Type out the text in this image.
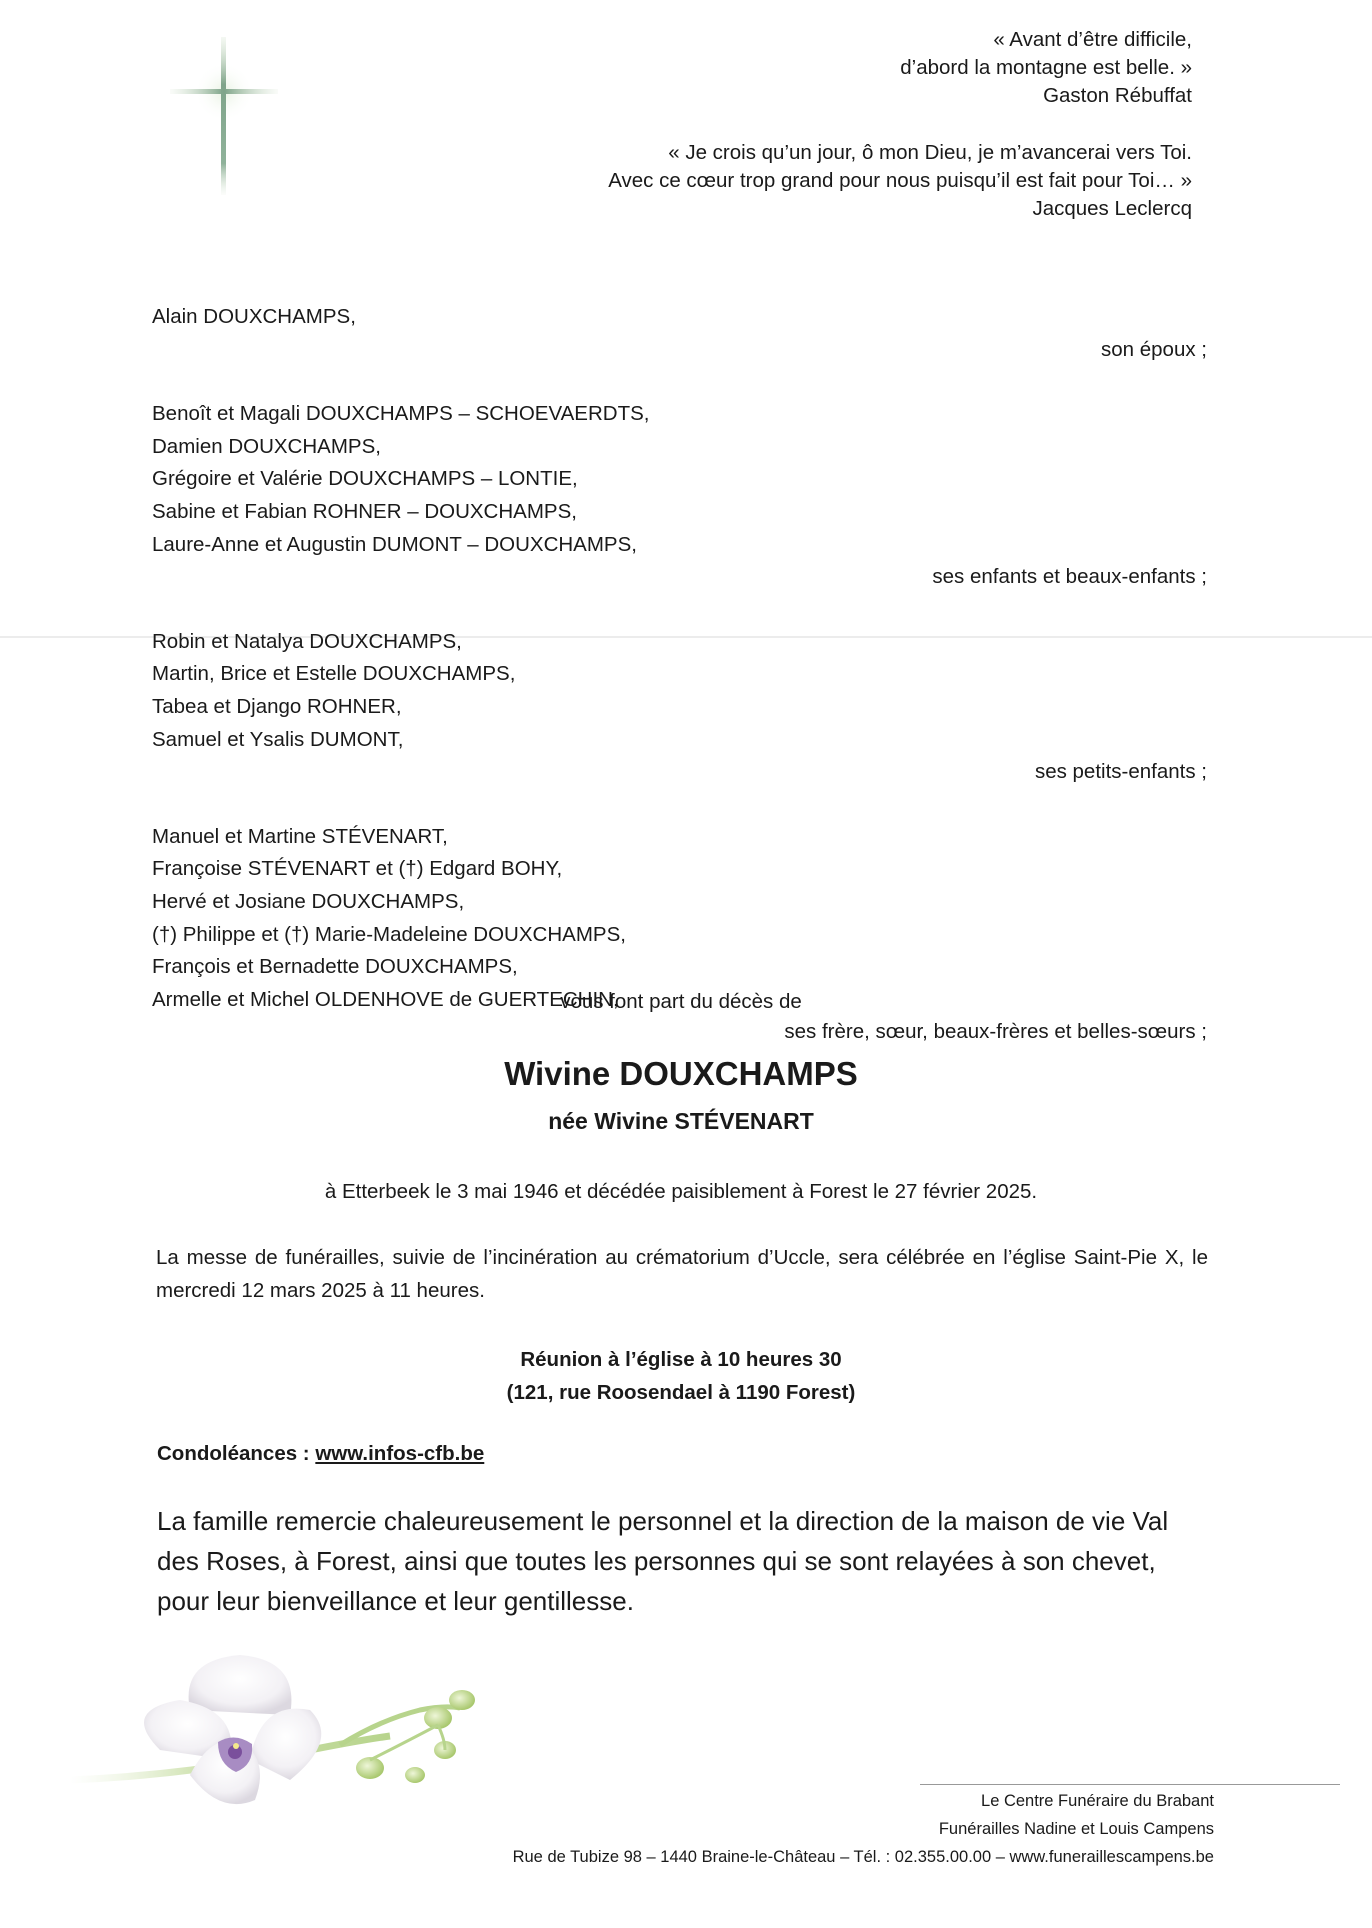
« Avant d’être difficile,
d’abord la montagne est belle. »
Gaston Rébuffat
« Je crois qu’un jour, ô mon Dieu, je m’avancerai vers Toi.
Avec ce cœur trop grand pour nous puisqu’il est fait pour Toi… »
Jacques Leclercq
Alain DOUXCHAMPS,
son époux ;
Benoît et Magali DOUXCHAMPS – SCHOEVAERDTS,
Damien DOUXCHAMPS,
Grégoire et Valérie DOUXCHAMPS – LONTIE,
Sabine et Fabian ROHNER – DOUXCHAMPS,
Laure-Anne et Augustin DUMONT – DOUXCHAMPS,
ses enfants et beaux-enfants ;
Robin et Natalya DOUXCHAMPS,
Martin, Brice et Estelle DOUXCHAMPS,
Tabea et Django ROHNER,
Samuel et Ysalis DUMONT,
ses petits-enfants ;
Manuel et Martine STÉVENART,
Françoise STÉVENART et (†) Edgard BOHY,
Hervé et Josiane DOUXCHAMPS,
(†) Philippe et (†) Marie-Madeleine DOUXCHAMPS,
François et Bernadette DOUXCHAMPS,
Armelle et Michel OLDENHOVE de GUERTECHIN,
ses frère, sœur, beaux-frères et belles-sœurs ;
vous font part du décès de
Wivine DOUXCHAMPS
née Wivine STÉVENART
à Etterbeek le 3 mai 1946 et décédée paisiblement à Forest le 27 février 2025.
La messe de funérailles, suivie de l’incinération au crématorium d’Uccle, sera célébrée en l’église Saint-Pie X, le mercredi 12 mars 2025 à 11 heures.
Réunion à l’église à 10 heures 30
(121, rue Roosendael à 1190 Forest)
Condoléances : www.infos-cfb.be
La famille remercie chaleureusement le personnel et la direction de la maison de vie Val des Roses, à Forest, ainsi que toutes les personnes qui se sont relayées à son chevet, pour leur bienveillance et leur gentillesse.
Le Centre Funéraire du Brabant
Funérailles Nadine et Louis Campens
Rue de Tubize 98 – 1440 Braine-le-Château – Tél. : 02.355.00.00 – www.funeraillescampens.be
